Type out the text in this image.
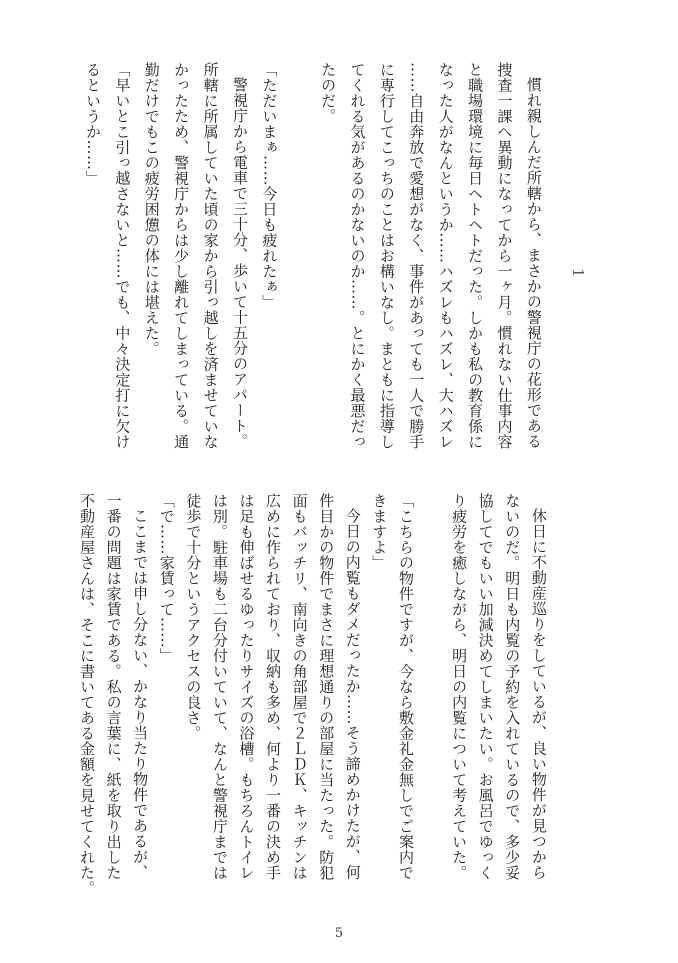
1
慣れ親しんだ所轄から、まさかの警視庁の花形である
捜査一課へ異動になってから一ヶ月。慣れない仕事内容
と職場環境に毎日ヘトヘトだった。しかも私の教育係に
なった人がなんというか……ハズレもハズレ、大ハズレ
……自由奔放で愛想がなく、事件があっても一人で勝手
に専行してこっちのことはお構いなし。まともに指導し
てくれる気があるのかないのか……。とにかく最悪だっ
たのだ。
「ただいまぁ……今日も疲れたぁ」
警視庁から電車で三十分、歩いて十五分のアパート。
所轄に所属していた頃の家から引っ越しを済ませていな
かったため、警視庁からは少し離れてしまっている。通
勤だけでもこの疲労困憊の体には堪えた。
「早いとこ引っ越さないと……でも、中々決定打に欠け
るというか……」
休日に不動産巡りをしているが、良い物件が見つから
ないのだ。明日も内覧の予約を入れているので、多少妥
協してでもいい加減決めてしまいたい。お風呂でゆっく
り疲労を癒しながら、明日の内覧について考えていた。
「こちらの物件ですが、今なら敷金礼金無しでご案内で
きますよ」
今日の内覧もダメだったか……そう諦めかけたが、何
件目かの物件でまさに理想通りの部屋に当たった。防犯
面もバッチリ、南向きの角部屋で２ＬＤＫ、キッチンは
広めに作られており、収納も多め、何より一番の決め手
は足も伸ばせるゆったりサイズの浴槽。もちろんトイレ
は別。駐車場も二台分付いていて、なんと警視庁までは
徒歩で十分というアクセスの良さ。
「で……家賃って……」
ここまでは申し分ない、かなり当たり物件であるが、
一番の問題は家賃である。私の言葉に、紙を取り出した
不動産屋さんは、そこに書いてある金額を見せてくれた。
5
